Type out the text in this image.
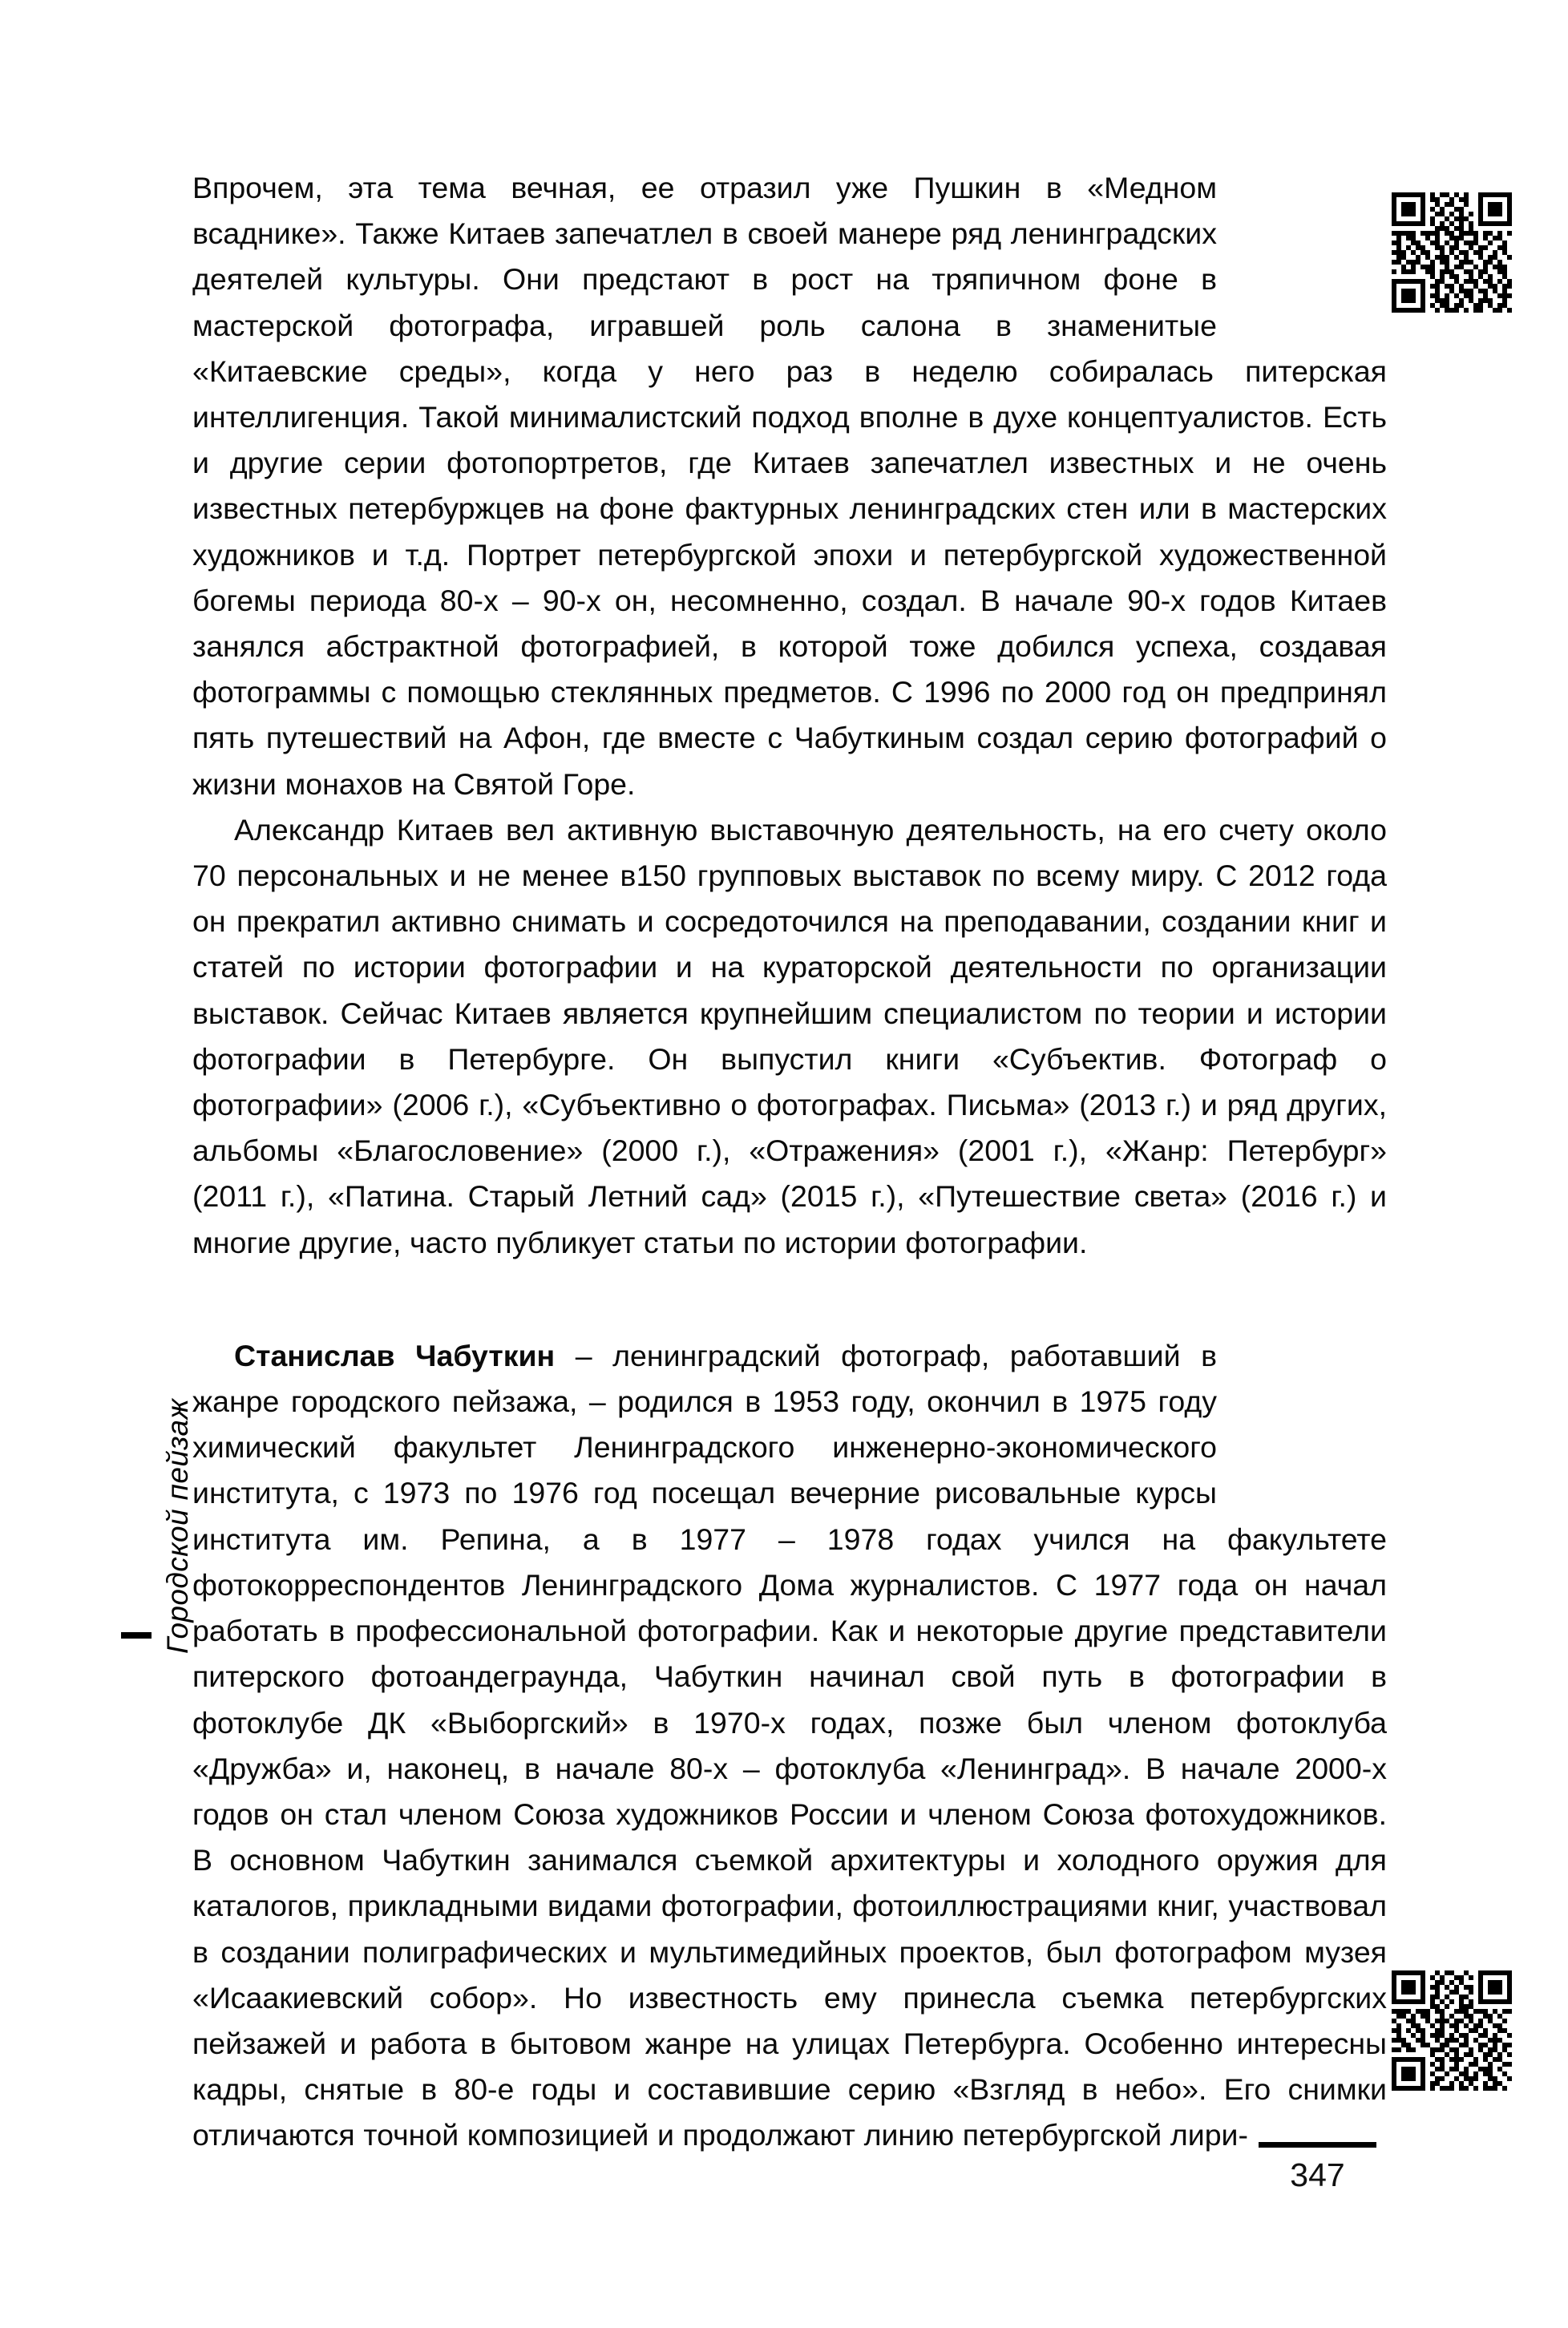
Городской пейзаж

Впрочем, эта тема вечная, ее отразил уже Пушкин в «Медном всаднике». Также Китаев запечатлел в своей манере ряд ленинградских деятелей культуры. Они предстают в рост на тряпичном фоне в мастерской фотографа, игравшей роль салона в знаменитые «Китаевские среды», когда у него раз в неделю собиралась питерская интеллигенция. Такой минималистский подход вполне в духе концептуалистов. Есть и другие серии фотопортретов, где Китаев запечатлел известных и не очень известных петербуржцев на фоне фактурных ленинградских стен или в мастерских художников и т.д. Портрет петербургской эпохи и петербургской художественной богемы периода 80-х – 90-х он, несомненно, создал. В начале 90-х годов Китаев занялся абстрактной фотографией, в которой тоже добился успеха, создавая фотограммы с помощью стеклянных предметов. С 1996 по 2000 год он предпринял пять путешествий на Афон, где вместе с Чабуткиным создал серию фотографий о жизни монахов на Святой Горе.

Александр Китаев вел активную выставочную деятельность, на его счету около 70 персональных и не менее в150 групповых выставок по всему миру. С 2012 года он прекратил активно снимать и сосредоточился на преподавании, создании книг и статей по истории фотографии и на кураторской деятельности по организации выставок. Сейчас Китаев является крупнейшим специалистом по теории и истории фотографии в Петербурге. Он выпустил книги «Субъектив. Фотограф о фотографии» (2006 г.), «Субъективно о фотографах. Письма» (2013 г.) и ряд других, альбомы «Благословение» (2000 г.), «Отражения» (2001 г.), «Жанр: Петербург» (2011 г.), «Патина. Старый Летний сад» (2015 г.), «Путешествие света» (2016 г.) и многие другие, часто публикует статьи по истории фотографии.

Станислав Чабуткин – ленинградский фотограф, работавший в жанре городского пейзажа, – родился в 1953 году, окончил в 1975 году химический факультет Ленинградского инженерно-экономического института, с 1973 по 1976 год посещал вечерние рисовальные курсы института им. Репина, а в 1977 – 1978 годах учился на факультете фотокорреспондентов Ленинградского Дома журналистов. С 1977 года он начал работать в профессиональной фотографии. Как и некоторые другие представители питерского фотоандеграунда, Чабуткин начинал свой путь в фотографии в фотоклубе ДК «Выборгский» в 1970-х годах, позже был членом фотоклуба «Дружба» и, наконец, в начале 80-х – фотоклуба «Ленинград». В начале 2000-х годов он стал членом Союза художников России и членом Союза фотохудожников. В основном Чабуткин занимался съемкой архитектуры и холодного оружия для каталогов, прикладными видами фотографии, фотоиллюстрациями книг, участвовал в создании полиграфических и мультимедийных проектов, был фотографом музея «Исаакиевский собор». Но известность ему принесла съемка петербургских пейзажей и работа в бытовом жанре на улицах Петербурга. Особенно интересны кадры, снятые в 80-е годы и составившие серию «Взгляд в небо». Его снимки отличаются точной композицией и продолжают линию петербургской лири-

347
